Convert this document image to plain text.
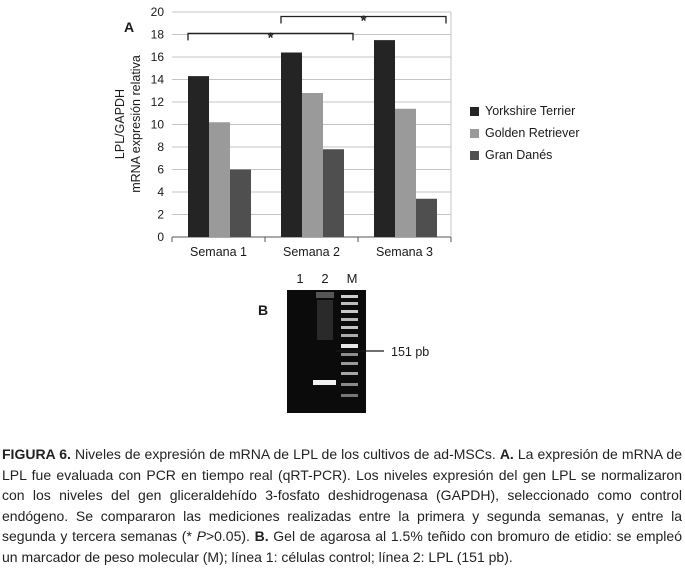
0
2
4
6
8
10
12
14
16
18
20
Semana 1	Semana 2	Semana 3
*
*
LPL/GAPDH mRNA expresión relativa
A
B
Yorkshire Terrier
Golden Retriever
Gran Danés
1 2 M
151 pb
FIGURA 6. Niveles de expresión de mRNA de LPL de los cultivos de ad-MSCs. A. La expresión de mRNA de LPL fue evaluada con PCR en tiempo real (qRT-PCR). Los niveles expresión del gen LPL se normalizaron con los niveles del gen gliceraldehído 3-fosfato deshidrogenasa (GAPDH), seleccionado como control endógeno. Se compararon las mediciones realizadas entre la primera y segunda semanas, y entre la segunda y tercera semanas (* P>0.05). B. Gel de agarosa al 1.5% teñido con bromuro de etidio: se empleó un marcador de peso molecular (M); línea 1: células control; línea 2: LPL (151 pb).
